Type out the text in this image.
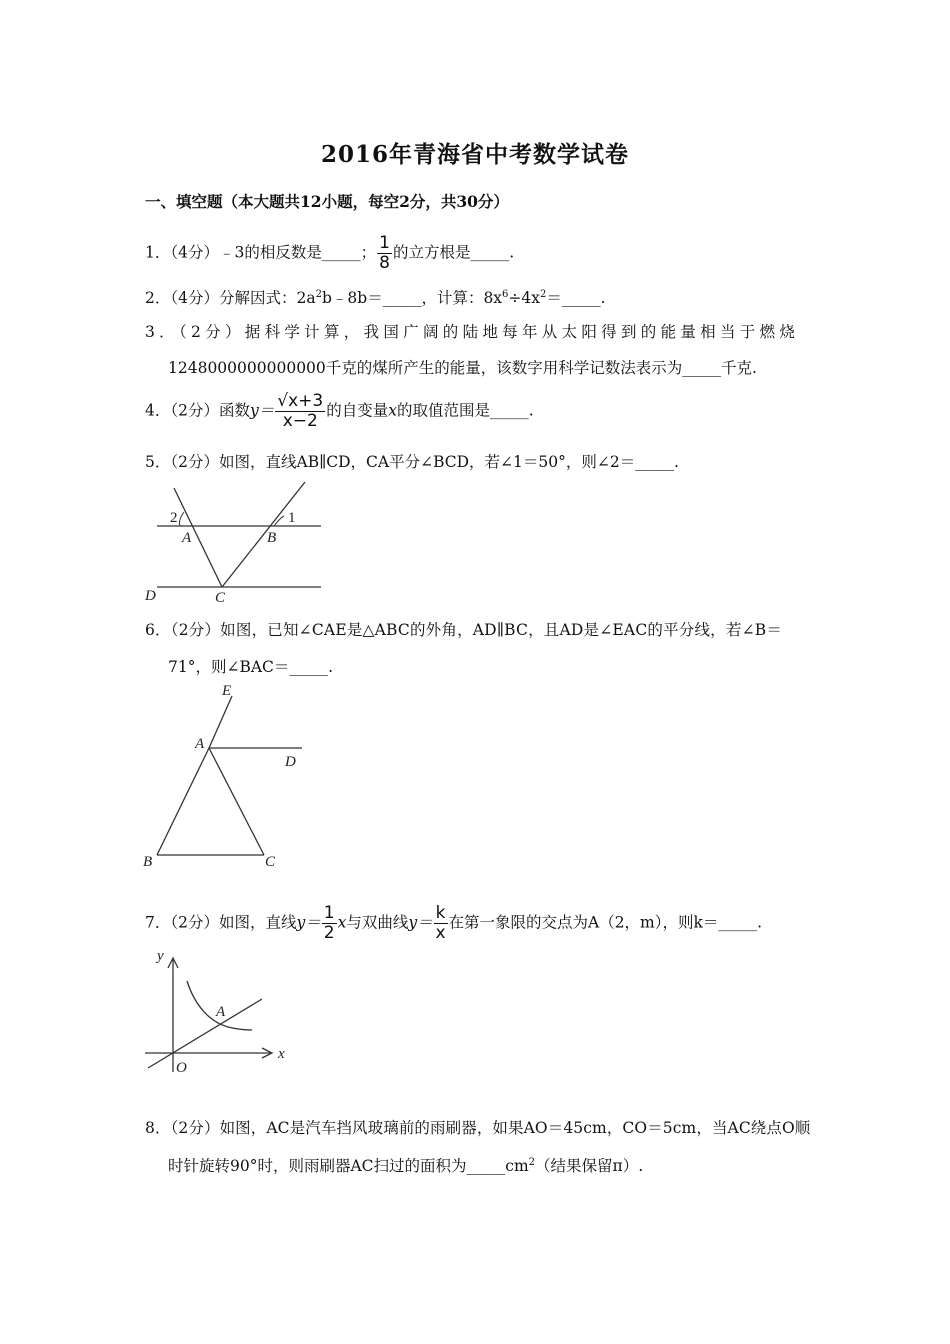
2016年青海省中考数学试卷
一、填空题（本大题共12小题，每空2分，共30分）
1．（4分）﹣3的相反数是_____； $\frac{1}{8}$ 的立方根是_____.
2．（4分）分解因式：$2a^2b﹣8b=\_\_\_\_\_$，计算：$8x^6\div 4x^2=\_\_\_\_\_$.
3．（2分）据科学计算，我国广阔的陆地每年从太阳得到的能量相当于燃烧
1248000000000000千克的煤所产生的能量，该数字用科学记数法表示为_____千克.
4．（2分）函数$y= \frac{√x+3}{x-2}$ 的自变量x的取值范围是_____.
5．（2分）如图，直线AB∥CD，CA平分∠BCD，若∠1＝50°，则∠2＝_____.
2	1
A	B
D	C
6．（2分）如图，已知∠CAE是△ABC的外角，AD∥BC，且AD是∠EAC的平分线，若∠B＝
71°，则∠BAC＝_____.
E
A
D
B	C
7．（2分）如图，直线$y= \frac{1}{2}$ x与双曲线$y= \frac{k}{x}$ 在第一象限的交点为A（2，m），则k＝_____.
y
x
A
O
8．（2分）如图，AC是汽车挡风玻璃前的雨刷器，如果AO＝45cm，CO＝5cm，当AC绕点O顺
时针旋转90°时，则雨刷器AC扫过的面积为$\_\_\_\_\_cm^2$（结果保留π）.
